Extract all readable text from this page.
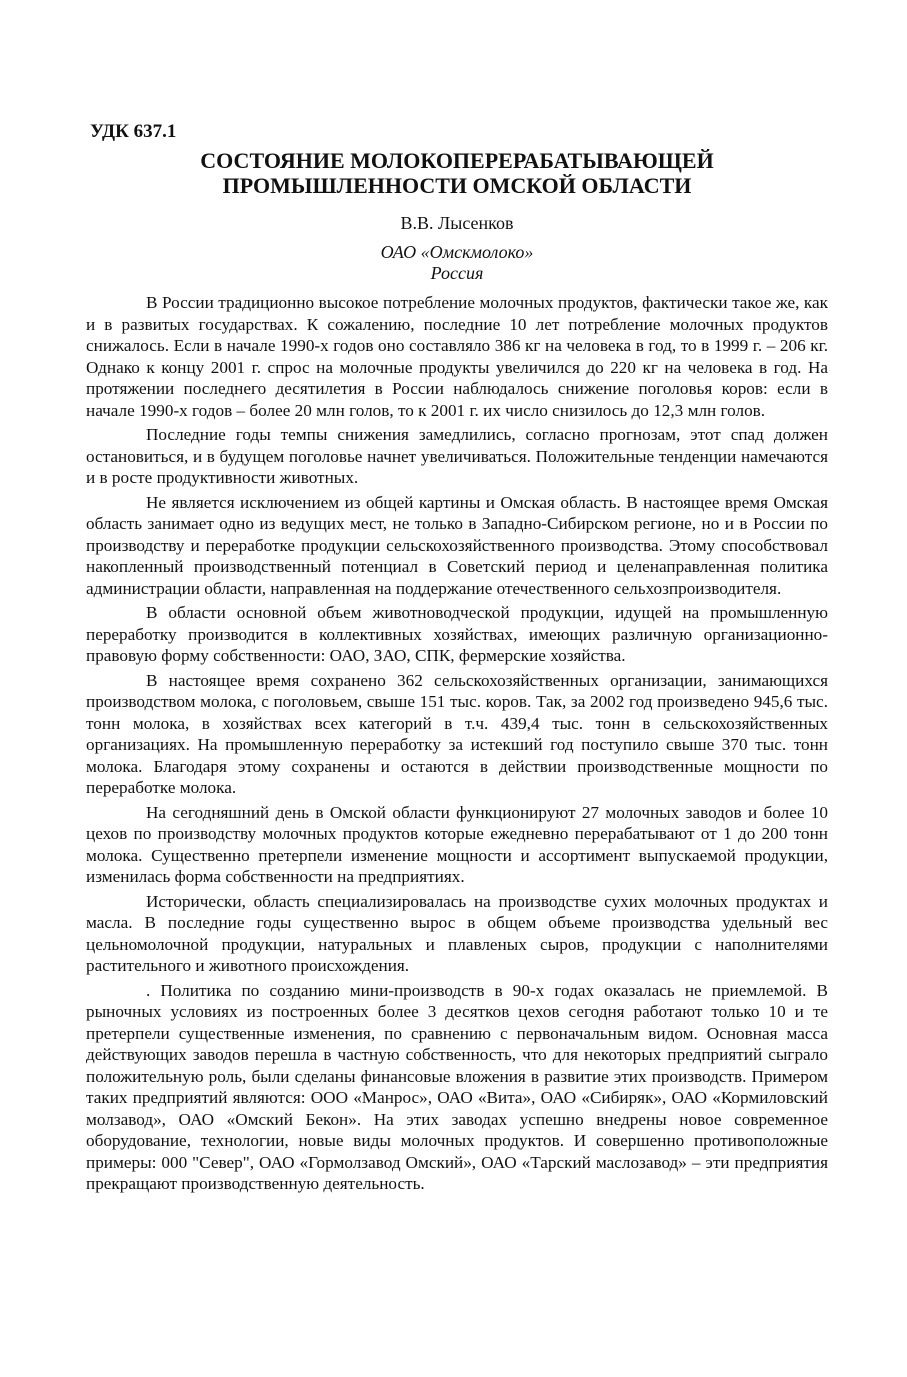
УДК 637.1
СОСТОЯНИЕ МОЛОКОПЕРЕРАБАТЫВАЮЩЕЙ
ПРОМЫШЛЕННОСТИ ОМСКОЙ ОБЛАСТИ
В.В. Лысенков
ОАО «Омскмолоко»
Россия

В России традиционно высокое потребление молочных продуктов, фактически такое же, как и в развитых государствах. К сожалению, последние 10 лет потребление молочных продуктов снижалось. Если в начале 1990-х годов оно составляло 386 кг на человека в год, то в 1999 г. – 206 кг. Однако к концу 2001 г. спрос на молочные продукты увеличился до 220 кг на человека в год. На протяжении последнего десятилетия в России наблюдалось снижение поголовья коров: если в начале 1990-х годов – более 20 млн голов, то к 2001 г. их число снизилось до 12,3 млн голов.

Последние годы темпы снижения замедлились, согласно прогнозам, этот спад должен остановиться, и в будущем поголовье начнет увеличиваться. Положительные тенденции намечаются и в росте продуктивности животных.

Не является исключением из общей картины и Омская область. В настоящее время Омская область занимает одно из ведущих мест, не только в Западно-Сибирском регионе, но и в России по производству и переработке продукции сельскохозяйственного производства. Этому способствовал накопленный производственный потенциал в Советский период и целенаправленная политика администрации области, направленная на поддержание отечественного сельхозпроизводителя.

В области основной объем животноводческой продукции, идущей на промышленную переработку производится в коллективных хозяйствах, имеющих различную организационно-правовую форму собственности: ОАО, ЗАО, СПК, фермерские хозяйства.

В настоящее время сохранено 362 сельскохозяйственных организации, занимающихся производством молока, с поголовьем, свыше 151 тыс. коров. Так, за 2002 год произведено 945,6 тыс. тонн молока, в хозяйствах всех категорий в т.ч. 439,4 тыс. тонн в сельскохозяйственных организациях. На промышленную переработку за истекший год поступило свыше 370 тыс. тонн молока. Благодаря этому сохранены и остаются в действии производственные мощности по переработке молока.

На сегодняшний день в Омской области функционируют 27 молочных заводов и более 10 цехов по производству молочных продуктов которые ежедневно перерабатывают от 1 до 200 тонн молока. Существенно претерпели изменение мощности и ассортимент выпускаемой продукции, изменилась форма собственности на предприятиях.

Исторически, область специализировалась на производстве сухих молочных продуктах и масла. В последние годы существенно вырос в общем объеме производства удельный вес цельномолочной продукции, натуральных и плавленых сыров, продукции с наполнителями растительного и животного происхождения.

. Политика по созданию мини-производств в 90-х годах оказалась не приемлемой. В рыночных условиях из построенных более 3 десятков цехов сегодня работают только 10 и те претерпели существенные изменения, по сравнению с первоначальным видом. Основная масса действующих заводов перешла в частную собственность, что для некоторых предприятий сыграло положительную роль, были сделаны финансовые вложения в развитие этих производств. Примером таких предприятий являются: ООО «Манрос», ОАО «Вита», ОАО «Сибиряк», ОАО «Кормиловский молзавод», ОАО «Омский Бекон». На этих заводах успешно внедрены новое современное оборудование, технологии, новые виды молочных продуктов. И совершенно противоположные примеры: 000 "Север", ОАО «Гормолзавод Омский», ОАО «Тарский маслозавод» – эти предприятия прекращают производственную деятельность.
